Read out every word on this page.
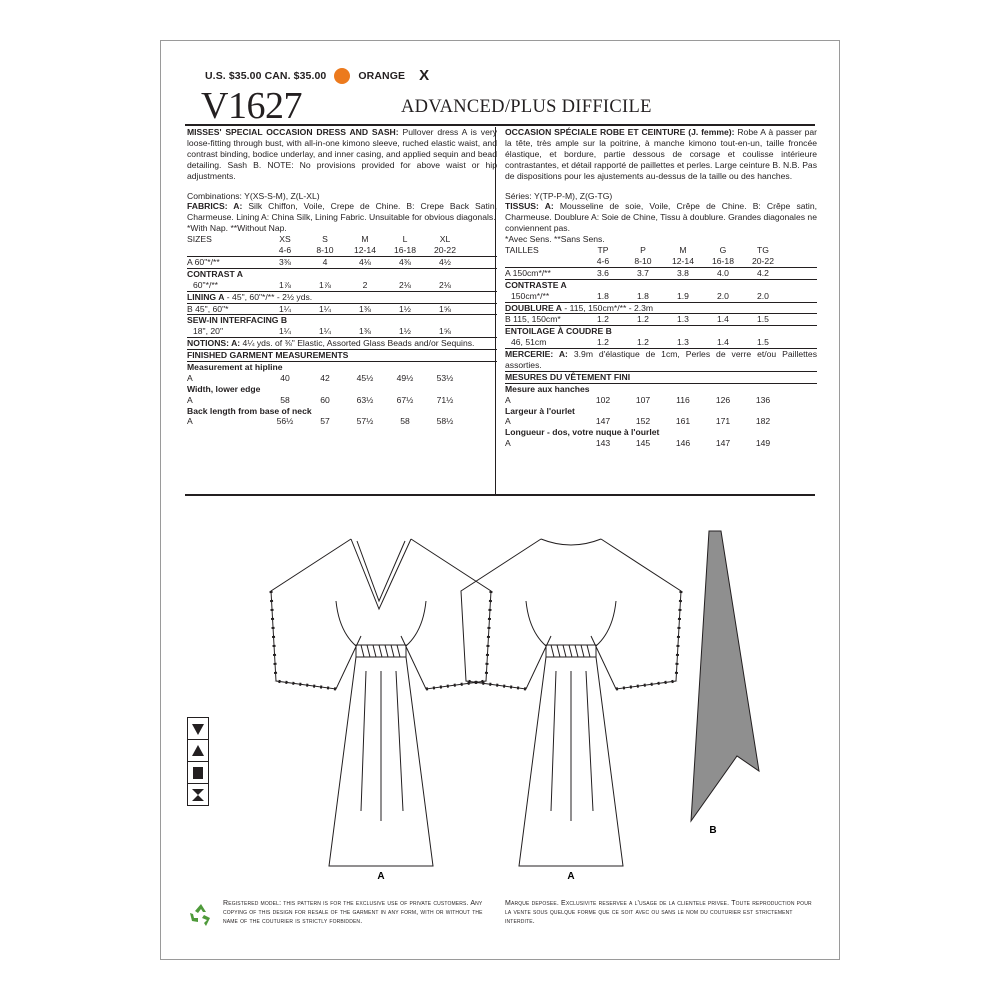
U.S. $35.00 CAN. $35.00	ORANGE X
V1627	ADVANCED/PLUS DIFFICILE

MISSES' SPECIAL OCCASION DRESS AND SASH: Pullover dress A is very loose-fitting through bust, with all-in-one kimono sleeve, ruched elastic waist, and contrast binding, bodice underlay, and inner casing, and applied sequin and bead detailing. Sash B. NOTE: No provisions provided for above waist or hip adjustments.

Combinations: Y(XS-S-M), Z(L-XL)

FABRICS: A: Silk Chiffon, Voile, Crepe de Chine. B: Crepe Back Satin, Charmeuse. Lining A: China Silk, Lining Fabric. Unsuitable for obvious diagonals.

*With Nap. **Without Nap.

SIZES	XS	S	M	L	XL
4-6	8-10	12-14	16-18	20-22
A 60"*/**	3⅜	4	4⅛	4⅜	4½
CONTRAST A
60"*/**	1⅞	1⅞	2	2⅛	2⅛
LINING A
- 45", 60"*/** - 2½ yds.
B 45", 60"*	1¼	1¼	1⅜	1½	1⅝
SEW-IN INTERFACING B
18", 20"	1¼	1¼	1⅜	1½	1⅝

NOTIONS: A: 4¼ yds. of ⅜" Elastic, Assorted Glass Beads and/or Sequins.

FINISHED GARMENT MEASUREMENTS
Measurement at hipline
A	40	42	45½	49½	53½
Width, lower edge
A	58	60	63½	67½	71½
Back length from base of neck
A	56½	57	57½	58	58½

OCCASION SPÉCIALE ROBE ET CEINTURE (J. femme): Robe A à passer par la tête, très ample sur la poitrine, à manche kimono tout-en-un, taille froncée élastique, et bordure, partie dessous de corsage et coulisse intérieure contrastantes, et détail rapporté de paillettes et perles. Large ceinture B. N.B. Pas de dispositions pour les ajustements au-dessus de la taille ou des hanches.

Séries: Y(TP-P-M), Z(G-TG)

TISSUS: A: Mousseline de soie, Voile, Crêpe de Chine. B: Crêpe satin, Charmeuse. Doublure A: Soie de Chine, Tissu à doublure. Grandes diagonales ne conviennent pas.

*Avec Sens. **Sans Sens.

TAILLES	TP	P	M	G	TG
4-6	8-10	12-14	16-18	20-22
A 150cm*/**	3.6	3.7	3.8	4.0	4.2
CONTRASTE A
150cm*/**	1.8	1.8	1.9	2.0	2.0
DOUBLURE A
- 115, 150cm*/** - 2.3m
B 115, 150cm*	1.2	1.2	1.3	1.4	1.5
ENTOILAGE À COUDRE B
46, 51cm	1.2	1.2	1.3	1.4	1.5

MERCERIE: A: 3.9m d'élastique de 1cm, Perles de verre et/ou Paillettes assorties.

MESURES DU VÊTEMENT FINI
Mesure aux hanches
A	102	107	116	126	136
Largeur à l'ourlet
A	147	152	161	171	182
Longueur - dos, votre nuque à l'ourlet
A	143	145	146	147	149
A	A
B
Registered model: this pattern is for the exclusive use of private customers. Any copying of this design for resale of the garment in any form, with or without the name of the couturier is strictly forbidden.
Marque deposee. Exclusivite reservee a l'usage de la clientele privee. Toute reproduction pour la vente sous quelque forme que ce soit avec ou sans le nom du couturier est strictement interdite.
